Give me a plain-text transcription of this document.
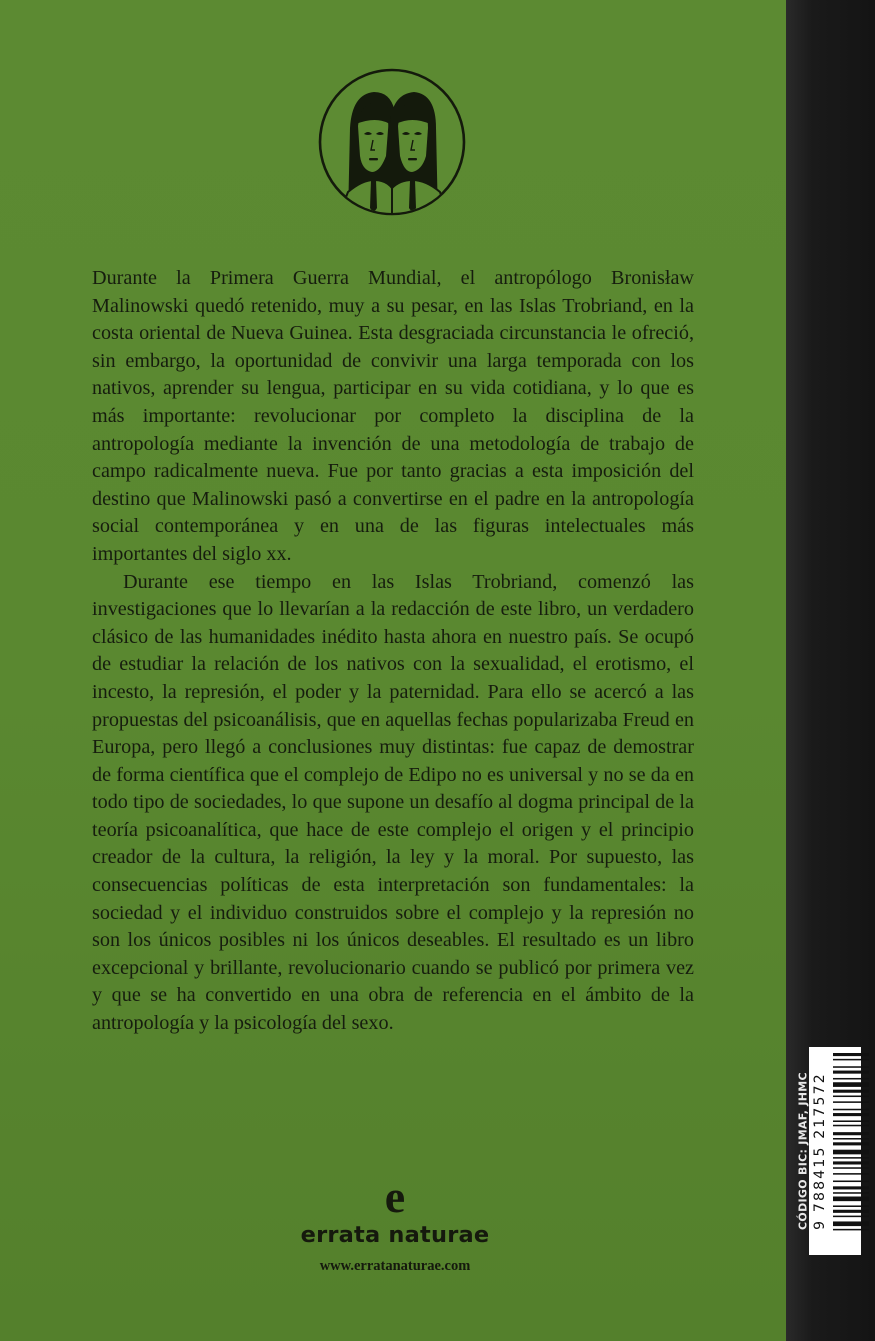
Durante la Primera Guerra Mundial, el antropólogo Bronisław Malinowski quedó retenido, muy a su pesar, en las Islas Trobriand, en la costa oriental de Nueva Guinea. Esta desgraciada circunstancia le ofreció, sin embargo, la oportunidad de convivir una larga temporada con los nativos, aprender su lengua, participar en su vida cotidiana, y lo que es más importante: revolucionar por completo la disciplina de la antropología mediante la invención de una metodología de trabajo de campo radicalmente nueva. Fue por tanto gracias a esta imposición del destino que Malinowski pasó a convertirse en el padre en la antropología social contemporánea y en una de las figuras intelectuales más importantes del siglo xx.

Durante ese tiempo en las Islas Trobriand, comenzó las investigaciones que lo llevarían a la redacción de este libro, un verdadero clásico de las humanidades inédito hasta ahora en nuestro país. Se ocupó de estudiar la relación de los nativos con la sexualidad, el erotismo, el incesto, la represión, el poder y la paternidad. Para ello se acercó a las propuestas del psicoanálisis, que en aquellas fechas popularizaba Freud en Europa, pero llegó a conclusiones muy distintas: fue capaz de demostrar de forma científica que el complejo de Edipo no es universal y no se da en todo tipo de sociedades, lo que supone un desafío al dogma principal de la teoría psicoanalítica, que hace de este complejo el origen y el principio creador de la cultura, la religión, la ley y la moral. Por supuesto, las consecuencias políticas de esta interpretación son fundamentales: la sociedad y el individuo construidos sobre el complejo y la represión no son los únicos posibles ni los únicos deseables. El resultado es un libro excepcional y brillante, revolucionario cuando se publicó por primera vez y que se ha convertido en una obra de referencia en el ámbito de la antropología y la psicología del sexo.

e
errata naturae
www.erratanaturae.com
CÓDIGO BIC: JMAF, JHMC 9 788415 217572
